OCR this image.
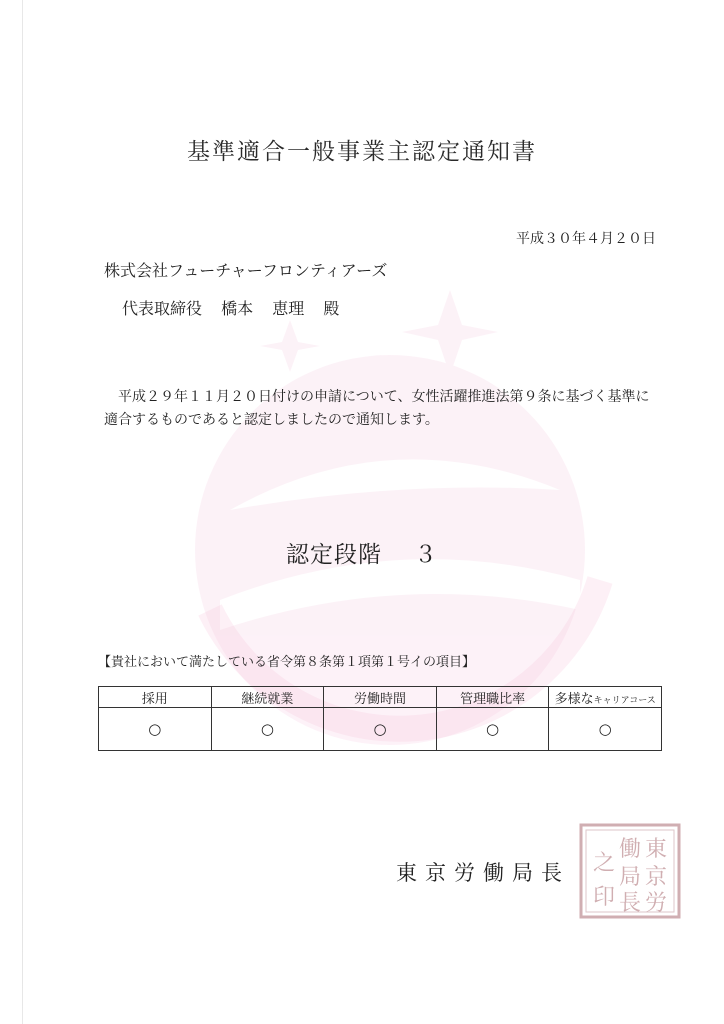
基準適合一般事業主認定通知書
平成３０年４月２０日
株式会社フューチャーフロンティアーズ
代表取締役 橋本 恵理 殿
平成２９年１１月２０日付けの申請について、女性活躍推進法第９条に基づく基準に適合するものであると認定しましたので通知します。
認定段階 ３
【貴社において満たしている省令第８条第１項第１号イの項目】
採用	継続就業	労働時間	管理職比率	多様なキャリアコース
○	○	○	○	○
東京労働局長
東
京
労
働
局
長
之
印
